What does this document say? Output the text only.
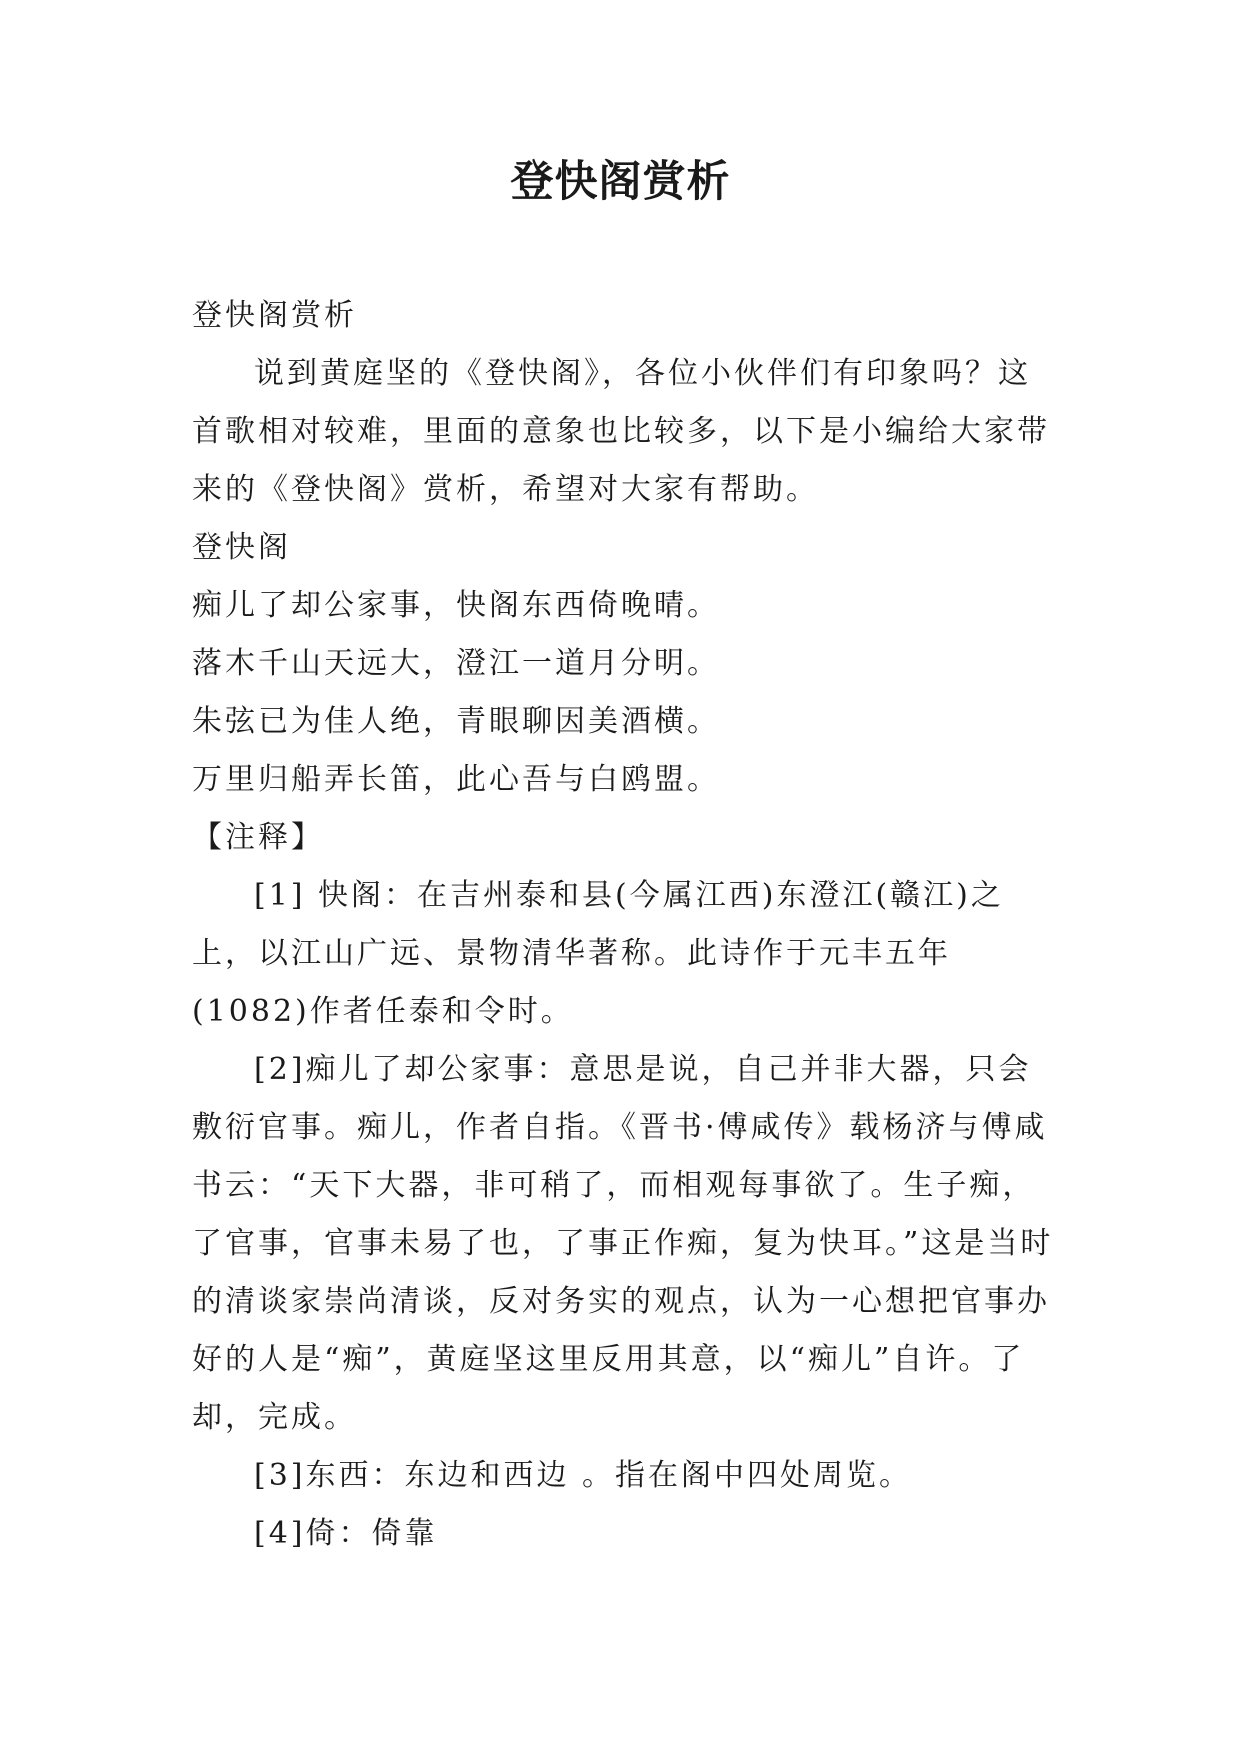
登快阁赏析

登快阁赏析

说到黄庭坚的《登快阁》，各位小伙伴们有印象吗？这首歌相对较难，里面的意象也比较多，以下是小编给大家带来的《登快阁》赏析，希望对大家有帮助。

登快阁

痴儿了却公家事，快阁东西倚晚晴。

落木千山天远大，澄江一道月分明。

朱弦已为佳人绝，青眼聊因美酒横。

万里归船弄长笛，此心吾与白鸥盟。

【注释】

[1] 快阁：在吉州泰和县(今属江西)东澄江(赣江)之上，以江山广远、景物清华著称。此诗作于元丰五年(1082)作者任泰和令时。

[2]痴儿了却公家事：意思是说，自己并非大器，只会敷衍官事。痴儿，作者自指。《晋书·傅咸传》载杨济与傅咸书云：“天下大器，非可稍了，而相观每事欲了。生子痴，了官事，官事未易了也，了事正作痴，复为快耳。”这是当时的清谈家崇尚清谈，反对务实的观点，认为一心想把官事办好的人是“痴”，黄庭坚这里反用其意，以“痴儿”自许。了却，完成。

[3]东西：东边和西边 。指在阁中四处周览。

[4]倚：倚靠
